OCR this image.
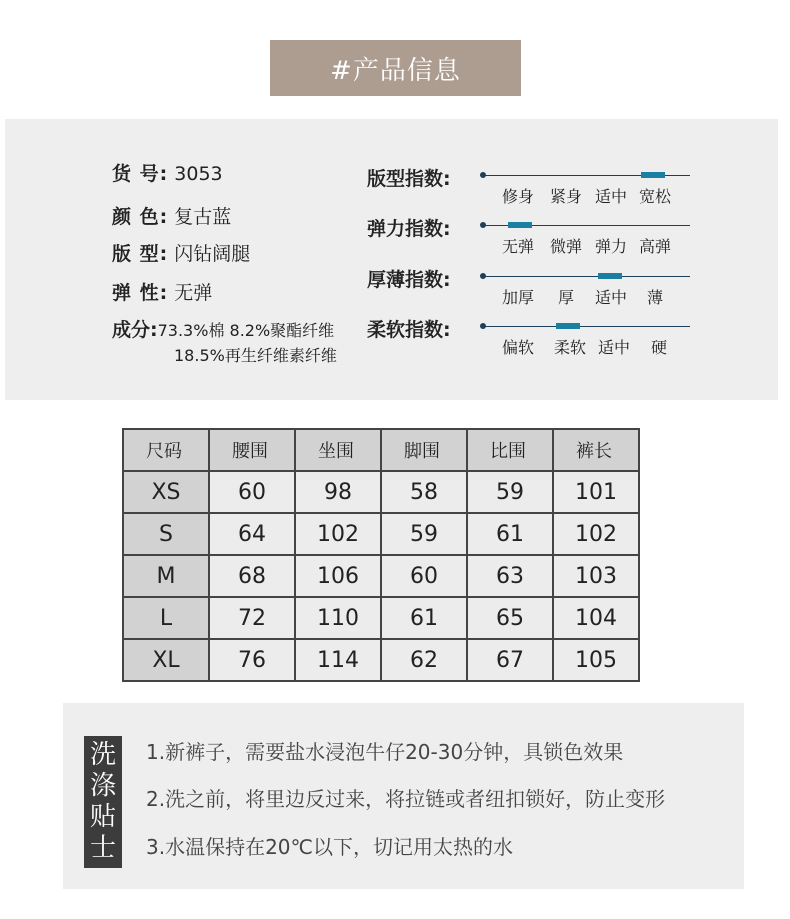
#产品信息
货 号: 3053
颜 色: 复古蓝
版 型: 闪钻阔腿
弹 性: 无弹
成分:73.3%棉 8.2%聚酯纤维
18.5%再生纤维素纤维
版型指数:
修身 紧身 适中 宽松
弹力指数:
无弹 微弹 弹力 高弹
厚薄指数:
加厚 厚 适中 薄
柔软指数:
偏软 柔软 适中 硬
尺码	腰围	坐围	脚围	比围	裤长
XS	60	98	58	59	101
S	64	102	59	61	102
M	68	106	60	63	103
L	72	110	61	65	104
XL	76	114	62	67	105
洗
涤
贴
士
1.新裤子，需要盐水浸泡牛仔20-30分钟，具锁色效果
2.洗之前，将里边反过来，将拉链或者纽扣锁好，防止变形
3.水温保持在20℃以下，切记用太热的水
